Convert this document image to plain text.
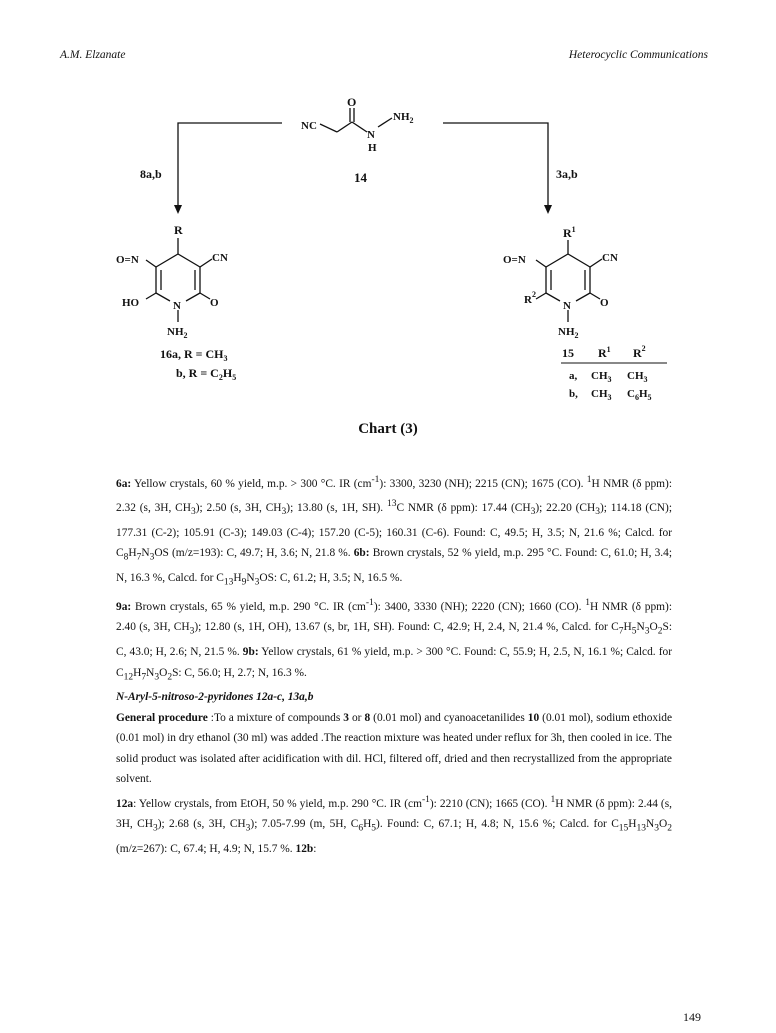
A.M. Elzanate	Heterocyclic Communications
8a,b	3a,b
NC
O
N
H
$NH_2$
14
R
O=N	CN
HO	N	O
$NH_2$
16a, $R = CH_3$
b, $R = C_2H_5$
$R^1$
O=N	CN
$R^2$
N	O
$NH_2$
15 $R^1$ $R^2$
a, $CH_3$ $CH_3$
b, $CH_3$ $C_6H_5$
Chart (3)

6a: Yellow crystals, 60 % yield, m.p. > 300 °C. IR $(cm^{-1})$: 3300, 3230 (NH); 2215 (CN); 1675 (CO). $^1$H NMR (δ ppm): 2.32 (s, 3H, $CH_3$); 2.50 (s, 3H, $CH_3$); 13.80 (s, 1H, SH). $^{13}$C NMR (δ ppm): 17.44 $(CH_3)$; 22.20 $(CH_3)$; 114.18 (CN); 177.31 (C-2); 105.91 (C-3); 149.03 (C-4); 157.20 (C-5); 160.31 (C-6). Found: C, 49.5; H, 3.5; N, 21.6 %; Calcd. for $C_8H_7N_3OS$ (m/z=193): C, 49.7; H, 3.6; N, 21.8 %. 6b: Brown crystals, 52 % yield, m.p. 295 °C. Found: C, 61.0; H, 3.4; N, 16.3 %, Calcd. for $C_{13}H_9N_3OS$: C, 61.2; H, 3.5; N, 16.5 %.

9a: Brown crystals, 65 % yield, m.p. 290 °C. IR $(cm^{-1})$: 3400, 3330 (NH); 2220 (CN); 1660 (CO). $^1$H NMR (δ ppm): 2.40 (s, 3H, $CH_3$); 12.80 (s, 1H, OH), 13.67 (s, br, 1H, SH). Found: C, 42.9; H, 2.4, N, 21.4 %, Calcd. for $C_7H_5N_3O_2S$: C, 43.0; H, 2.6; N, 21.5 %. 9b: Yellow crystals, 61 % yield, m.p. > 300 °C. Found: C, 55.9; H, 2.5, N, 16.1 %; Calcd. for $C_{12}H_7N_3O_2S$: C, 56.0; H, 2.7; N, 16.3 %.

N-Aryl-5-nitroso-2-pyridones 12a-c, 13a,b

General procedure :To a mixture of compounds 3 or 8 (0.01 mol) and cyanoacetanilides 10 (0.01 mol), sodium ethoxide (0.01 mol) in dry ethanol (30 ml) was added .The reaction mixture was heated under reflux for 3h, then cooled in ice. The solid product was isolated after acidification with dil. HCl, filtered off, dried and then recrystallized from the appropriate solvent.

12a: Yellow crystals, from EtOH, 50 % yield, m.p. 290 °C. IR $(cm^{-1})$: 2210 (CN); 1665 (CO). $^1$H NMR (δ ppm): 2.44 (s, 3H, $CH_3$); 2.68 (s, 3H, $CH_3$); 7.05-7.99 (m, 5H, $C_6H_5$). Found: C, 67.1; H, 4.8; N, 15.6 %; Calcd. for $C_{15}H_{13}N_3O_2$ (m/z=267): C, 67.4; H, 4.9; N, 15.7 %. 12b:

149
